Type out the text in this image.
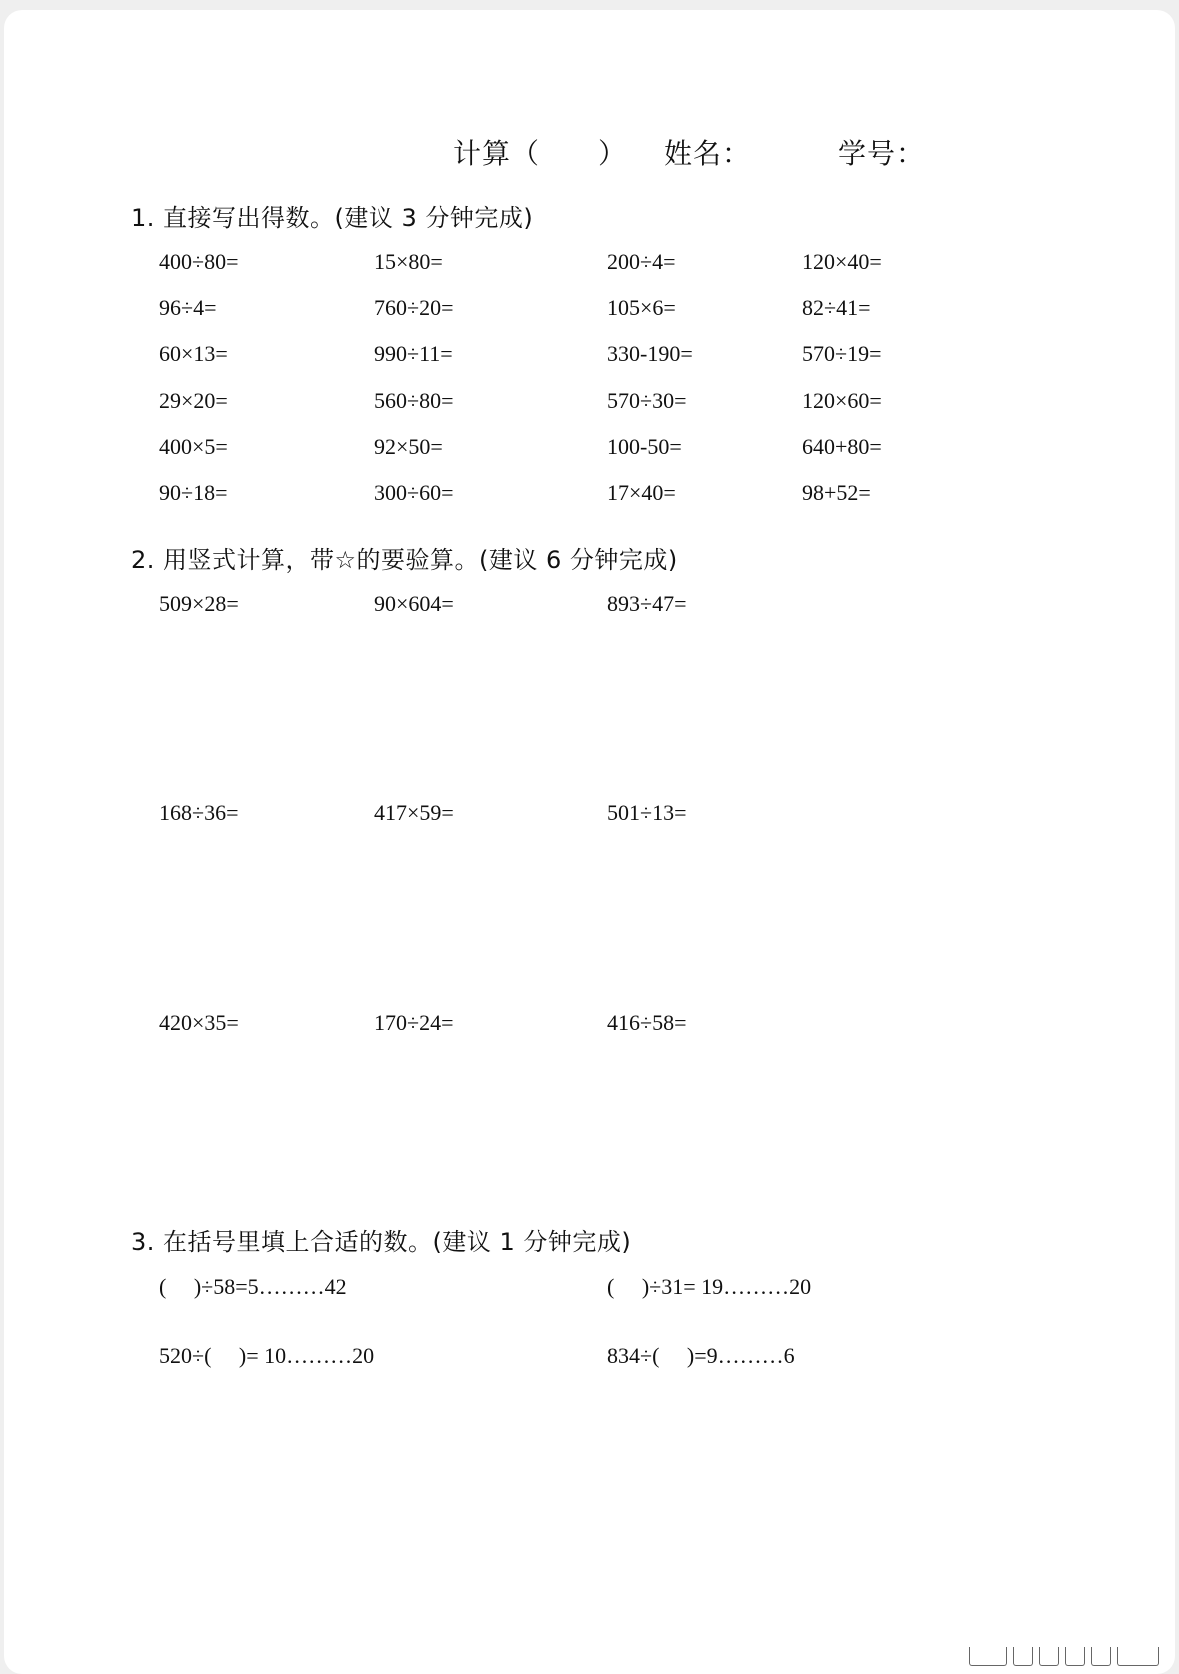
计算（　　） 姓名：	学号：
1. 直接写出得数。(建议 3 分钟完成)
400÷80=	15×80=	200÷4=	120×40=
96÷4=	760÷20=	105×6=	82÷41=
60×13=	990÷11=	330-190=	570÷19=
29×20=	560÷80=	570÷30=	120×60=
400×5=	92×50=	100-50=	640+80=
90÷18=	300÷60=	17×40=	98+52=
2. 用竖式计算，带☆的要验算。(建议 6 分钟完成)
509×28=	90×604=	893÷47=
168÷36=	417×59=	501÷13=
420×35=	170÷24=	416÷58=
3. 在括号里填上合适的数。(建议 1 分钟完成)
(　 )÷58=5………42	(　 )÷31= 19………20
520÷(　 )= 10………20	834÷(　 )=9………6
